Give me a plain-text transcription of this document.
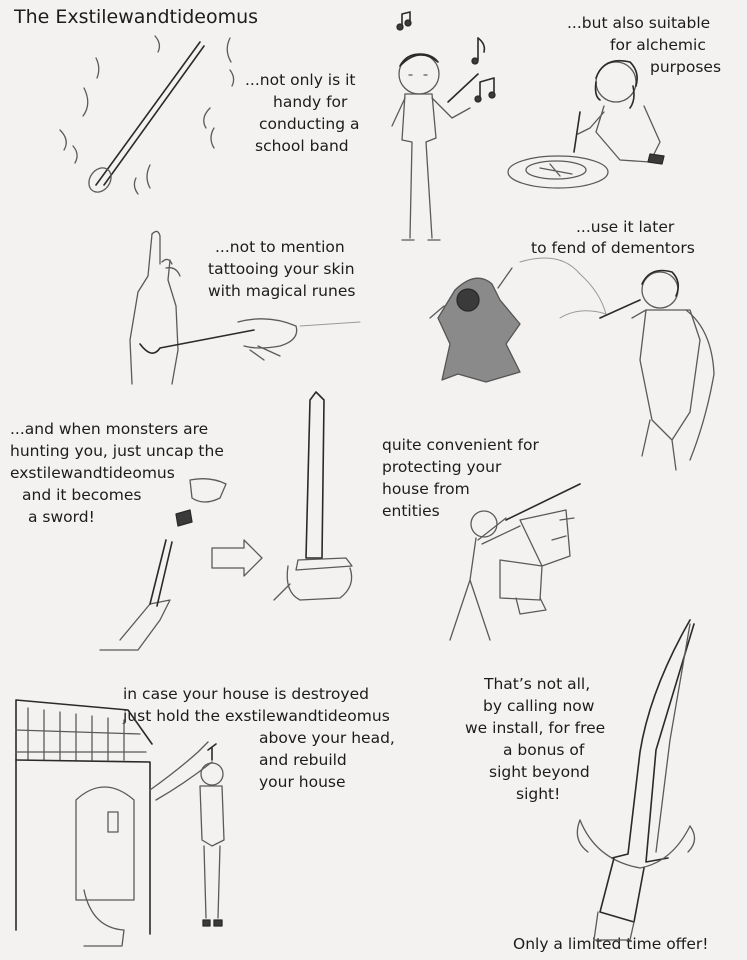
The Exstilewandtideomus
...not only is it
handy for
conducting a
school band
...but also suitable
for alchemic
purposes
...not to mention
tattooing your skin
with magical runes
...use it later
to fend of dementors
...and when monsters are
hunting you, just uncap the
exstilewandtideomus
and it becomes
a sword!
quite convenient for
protecting your
house from
entities
in case your house is destroyed
just hold the exstilewandtideomus
above your head,
and rebuild
your house
That’s not all,
by calling now
we install, for free
a bonus of
sight beyond
sight!
Only a limited time offer!
